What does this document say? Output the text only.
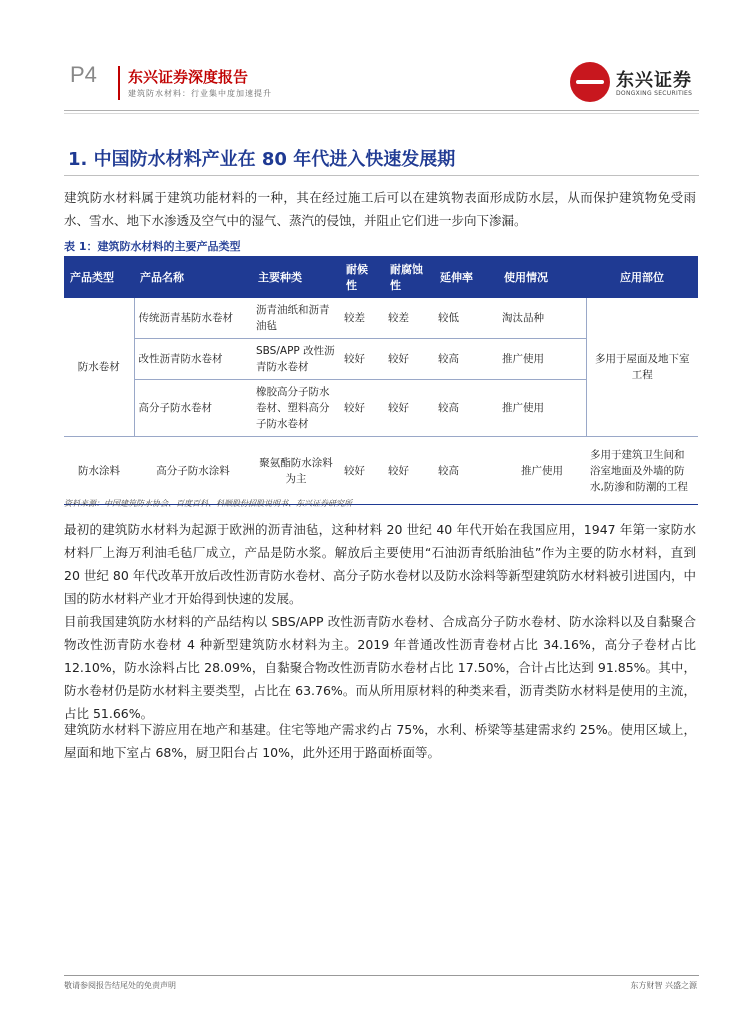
P4 东兴证券深度报告
建筑防水材料：行业集中度加速提升
东兴证券
DONGXING SECURITIES
1. 中国防水材料产业在 80 年代进入快速发展期

建筑防水材料属于建筑功能材料的一种，其在经过施工后可以在建筑物表面形成防水层，从而保护建筑物免受雨水、雪水、地下水渗透及空气中的湿气、蒸汽的侵蚀，并阻止它们进一步向下渗漏。

表 1：建筑防水材料的主要产品类型
产品类型	产品名称	主要种类	耐候性	耐腐蚀性	延伸率	使用情况	应用部位
防水卷材	传统沥青基防水卷材	沥青油纸和沥青油毡	较差	较差	较低	淘汰品种	多用于屋面及地下室工程
	改性沥青防水卷材	SBS/APP 改性沥青防水卷材	较好	较好	较高	推广使用	
	高分子防水卷材	橡胶高分子防水卷材、塑料高分子防水卷材	较好	较好	较高	推广使用	
防水涂料	高分子防水涂料	聚氨酯防水涂料为主	较好	较好	较高	推广使用	多用于建筑卫生间和浴室地面及外墙的防水,防渗和防潮的工程
资料来源：中国建筑防水协会、百度百科、科顺股份招股说明书、东兴证券研究所

最初的建筑防水材料为起源于欧洲的沥青油毡，这种材料 20 世纪 40 年代开始在我国应用，1947 年第一家防水材料厂上海万利油毛毡厂成立，产品是防水浆。解放后主要使用“石油沥青纸胎油毡”作为主要的防水材料，直到 20 世纪 80 年代改革开放后改性沥青防水卷材、高分子防水卷材以及防水涂料等新型建筑防水材料被引进国内，中国的防水材料产业才开始得到快速的发展。

目前我国建筑防水材料的产品结构以 SBS/APP 改性沥青防水卷材、合成高分子防水卷材、防水涂料以及自黏聚合物改性沥青防水卷材 4 种新型建筑防水材料为主。2019 年普通改性沥青卷材占比 34.16%，高分子卷材占比 12.10%，防水涂料占比 28.09%，自黏聚合物改性沥青防水卷材占比 17.50%，合计占比达到 91.85%。其中，防水卷材仍是防水材料主要类型，占比在 63.76%。而从所用原材料的种类来看，沥青类防水材料是使用的主流，占比 51.66%。

建筑防水材料下游应用在地产和基建。住宅等地产需求约占 75%，水利、桥梁等基建需求约 25%。使用区域上，屋面和地下室占 68%，厨卫阳台占 10%，此外还用于路面桥面等。

敬请参阅报告结尾处的免责声明	东方财智 兴盛之源
